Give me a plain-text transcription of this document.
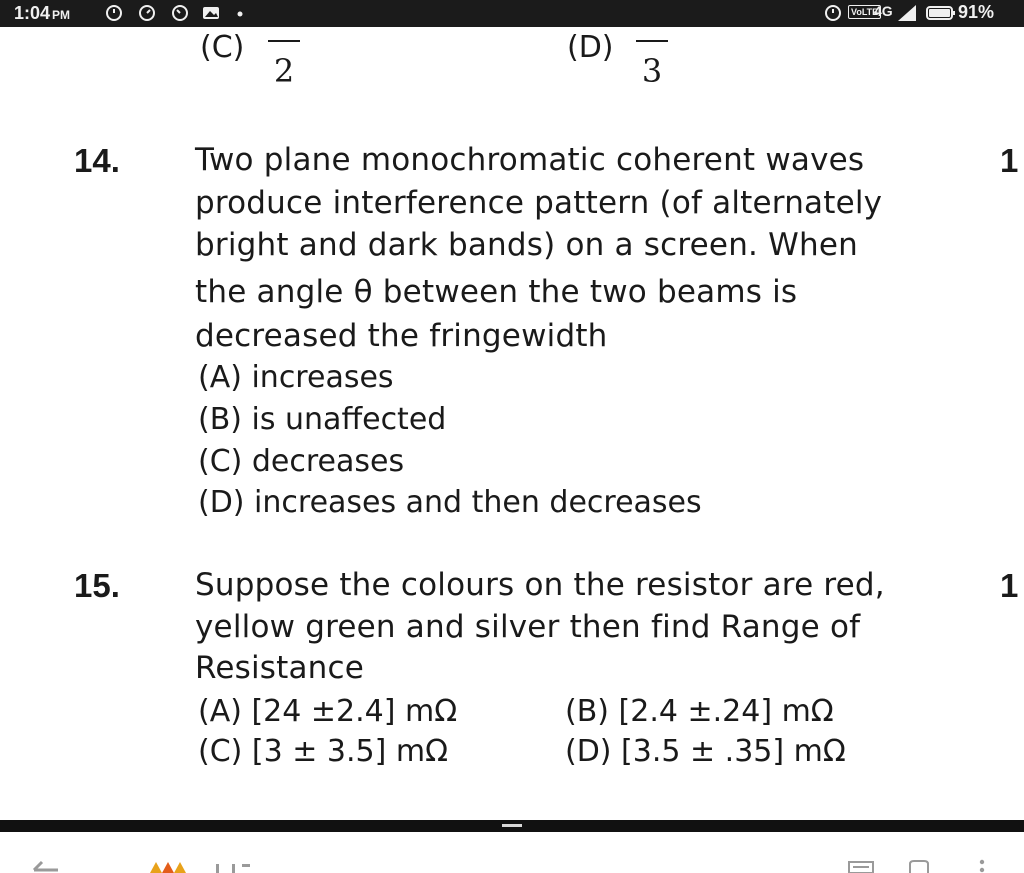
1:04 PM	VoLTE
4G	91%
(C)
2
(D)
3
14. Two plane monochromatic coherent waves
produce interference pattern (of alternately
bright and dark bands) on a screen. When
the angle θ between the two beams is
decreased the fringewidth
(A) increases
(B) is unaffected
(C) decreases
(D) increases and then decreases
1
15. Suppose the colours on the resistor are red,
yellow green and silver then find Range of
Resistance
(A) [24 ±2.4] mΩ	(B) [2.4 ±.24] mΩ
(C) [3 ± 3.5] mΩ	(D) [3.5 ± .35] mΩ
1
